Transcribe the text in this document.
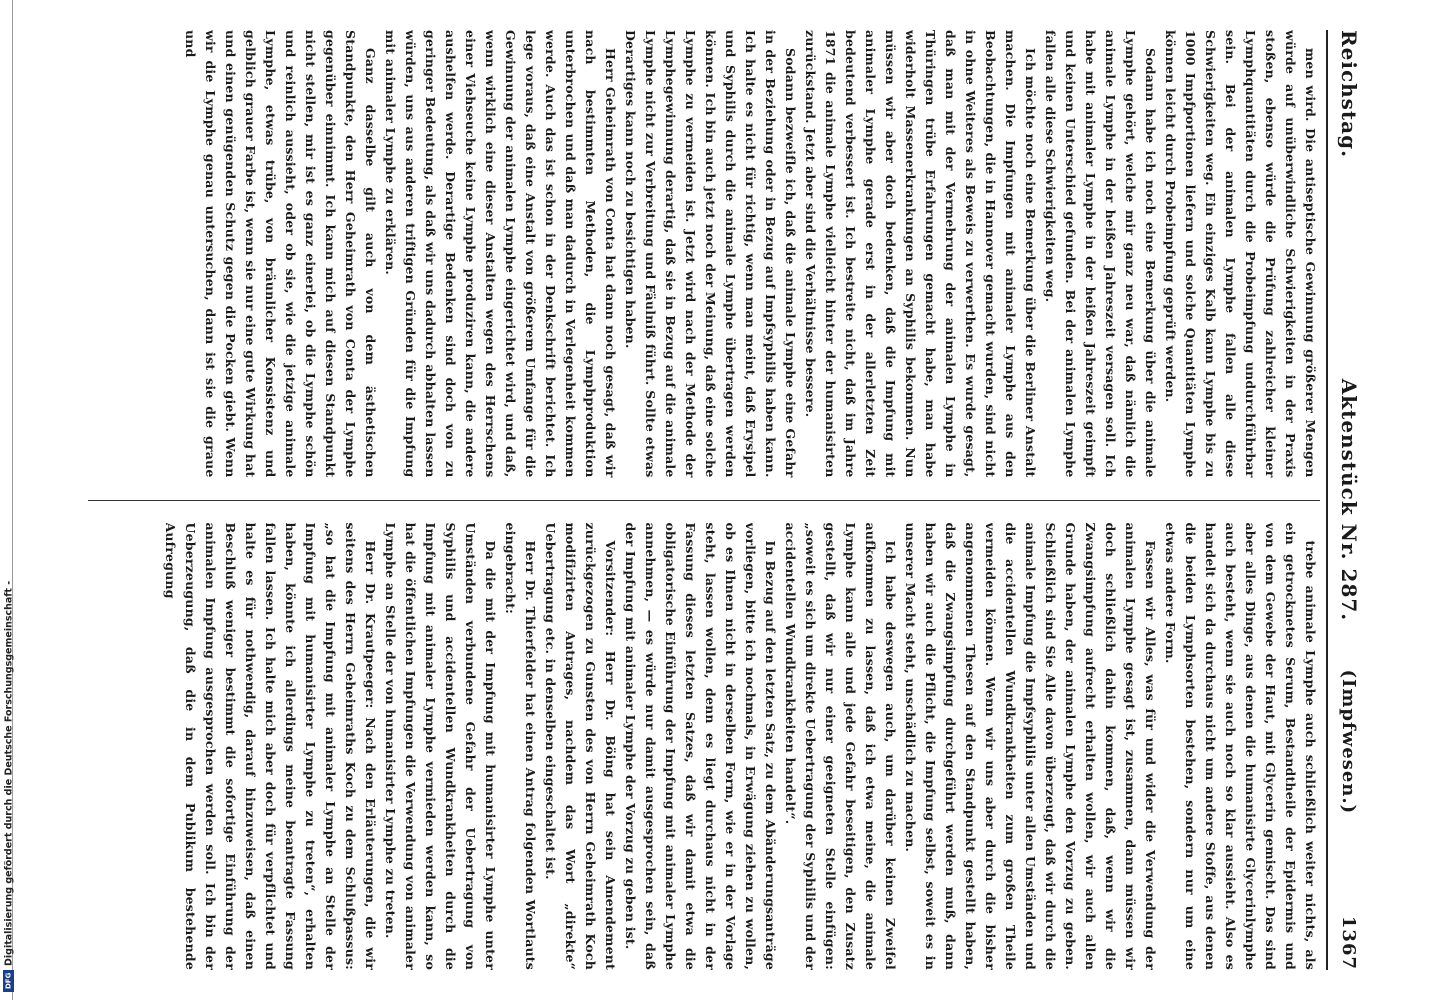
DFG
Digitalisierung gefördert durch die Deutsche Forschungsgemeinschaft -
Reichstag.
Aktenstück Nr. 287.
(Impfwesen.)              1367

men wird. Die antiseptische Gewinnung größerer Mengen würde auf unüberwindliche Schwierigkeiten in der Praxis stoßen, ebenso würde die Prüfung zahlreicher kleiner Lymphquantitäten durch die Probeimpfung undurchführbar sein. Bei der animalen Lymphe fallen alle diese Schwierigkeiten weg. Ein einziges Kalb kann Lymphe bis zu 1000 Impfportionen liefern und solche Quantitäten Lymphe können leicht durch Probeimpfung geprüft werden.

Sodann habe ich noch eine Bemerkung über die animale Lymphe gehört, welche mir ganz neu war, daß nämlich die animale Lymphe in der heißen Jahreszeit versagen soll. Ich habe mit animaler Lymphe in der heißen Jahreszeit geimpft und keinen Unterschied gefunden. Bei der animalen Lymphe fallen alle diese Schwierigkeiten weg.

Ich möchte noch eine Bemerkung über die Berliner Anstalt machen. Die Impfungen mit animaler Lymphe aus den Beobachtungen, die in Hannover gemacht wurden, sind nicht in ohne Weiteres als Beweis zu verwerthen. Es wurde gesagt, daß man mit der Vermehrung der animalen Lymphe in Thüringen trübe Erfahrungen gemacht habe, man habe widerholt Massenerkrankungen an Syphilis bekommen. Nun müssen wir aber doch bedenken, daß die Impfung mit animaler Lymphe gerade erst in der allerletzten Zeit bedeutend verbessert ist. Ich bestreite nicht, daß im Jahre 1871 die animale Lymphe vielleicht hinter der humanisirten zurückstand. Jetzt aber sind die Verhältnisse bessere.

Sodann bezweifle ich, daß die animale Lymphe eine Gefahr in der Beziehung oder in Bezug auf Impfsyphilis haben kann. Ich halte es nicht für richtig, wenn man meint, daß Erysipel und Syphilis durch die animale Lymphe übertragen werden können. Ich bin auch jetzt noch der Meinung, daß eine solche Lymphe zu vermeiden ist. Jetzt wird nach der Methode der Lymphegewinnung derartig, daß sie in Bezug auf die animale Lymphe nicht zur Verbreitung und Fäulniß führt. Sollte etwas Derartiges kann noch zu besichtigen haben.

Herr Geheimrath von Conta hat dann noch gesagt, daß wir nach bestimmten Methoden, die Lymphproduktion unterbrochen und daß man dadurch in Verlegenheit kommen werde. Auch das ist schon in der Denkschrift berichtet. Ich lege voraus, daß eine Anstalt von größerem Umfange für die Gewinnung der animalen Lymphe eingerichtet wird, und daß, wenn wirklich eine dieser Anstalten wegen des Herrschens einer Viehseuche keine Lymphe produziren kann, die andere aushelfen werde. Derartige Bedenken sind doch von zu geringer Bedeutung, als daß wir uns dadurch abhalten lassen würden, uns aus anderen triftigen Gründen für die Impfung mit animaler Lymphe zu erklären.

Ganz dasselbe gilt auch von dem ästhetischen Standpunkte, den Herr Geheimrath von Conta der Lymphe gegenüber einnimmt. Ich kann mich auf diesen Standpunkt nicht stellen, mir ist es ganz einerlei, ob die Lymphe schön und reinlich aussieht, oder ob sie, wie die jetzige animale Lymphe, etwas trübe, von bräunlicher Konsistenz und gelblich grauer Farbe ist, wenn sie nur eine gute Wirkung hat und einen genügenden Schutz gegen die Pocken giebt. Wenn wir die Lymphe genau untersuchen, dann ist sie die graue und

trebe animale Lymphe auch schließlich weiter nichts, als ein getrocknetes Serum, Bestandtheile der Epidermis und von dem Gewebe der Haut, mit Glycerin gemischt. Das sind aber alles Dinge, aus denen die humanisirte Glycerinlymphe auch besteht, wenn sie auch noch so klar aussieht. Also es handelt sich da durchaus nicht um andere Stoffe, aus denen die beiden Lymphsorten bestehen, sondern nur um eine etwas andere Form.

Fassen wir Alles, was für und wider die Verwendung der animalen Lymphe gesagt ist, zusammen, dann müssen wir doch schließlich dahin kommen, daß, wenn wir die Zwangsimpfung aufrecht erhalten wollen, wir auch allen Grunde haben, der animalen Lymphe den Vorzug zu geben. Schließlich sind Sie Alle davon überzeugt, daß wir durch die animale Impfung die Impfsyphilis unter allen Umständen und die accidentellen Wundkrankheiten zum großen Theile vermeiden können. Wenn wir uns aber durch die bisher angenommenen Thesen auf den Standpunkt gestellt haben, daß die Zwangsimpfung durchgeführt werden muß, dann haben wir auch die Pflicht, die Impfung selbst, soweit es in unserer Macht steht, unschädlich zu machen.

Ich habe deswegen auch, um darüber keinen Zweifel aufkommen zu lassen, daß ich etwa meine, die animale Lymphe kann alle und jede Gefahr beseitigen, den Zusatz gestellt, daß wir nur einer geeigneten Stelle einfügen: „soweit es sich um direkte Uebertragung der Syphilis und der accidentellen Wundkrankheiten handelt“.

In Bezug auf den letzten Satz, zu dem Abänderungsanträge vorliegen, bitte ich nochmals, in Erwägung ziehen zu wollen, ob es Ihnen nicht in derselben Form, wie er in der Vorlage steht, lassen wollen, denn es liegt durchaus nicht in der Fassung dieses letzten Satzes, daß wir damit etwa die obligatorische Einführung der Impfung mit animaler Lymphe annehmen, — es würde nur damit ausgesprochen sein, daß der Impfung mit animaler Lymphe der Vorzug zu geben ist.

Vorsitzender: Herr Dr. Böing hat sein Amendement zurückgezogen zu Gunsten des von Herrn Geheimrath Koch modifizirten Antrages, nachdem das Wort „direkte“ Uebertragung etc. in denselben eingeschaltet ist.

Herr Dr. Thierfelder hat einen Antrag folgenden Wortlauts eingebracht:

Da die mit der Impfung mit humanisirter Lymphe unter Umständen verbundene Gefahr der Uebertragung von Syphilis und accidentellen Wundkrankheiten durch die Impfung mit animaler Lymphe vermieden werden kann, so hat die öffentlichen Impfungen die Verwendung von animaler Lymphe an Stelle der von humanisirter Lymphe zu treten.

Herr Dr. Krautpeeger: Nach den Erläuterungen, die wir seitens des Herrn Geheimraths Koch zu dem Schlußpassus: „so hat die Impfung mit animaler Lymphe an Stelle der Impfung mit humanisirter Lymphe zu treten“, erhalten haben, könnte ich allerdings meine beantragte Fassung fallen lassen. Ich halte mich aber doch für verpflichtet und halte es für nothwendig, darauf hinzuweisen, daß einen Beschluß weniger bestimmt die sofortige Einführung der animalen Impfung ausgesprochen werden soll. Ich bin der Ueberzeugung, daß die in dem Publikum bestehende Aufregung
